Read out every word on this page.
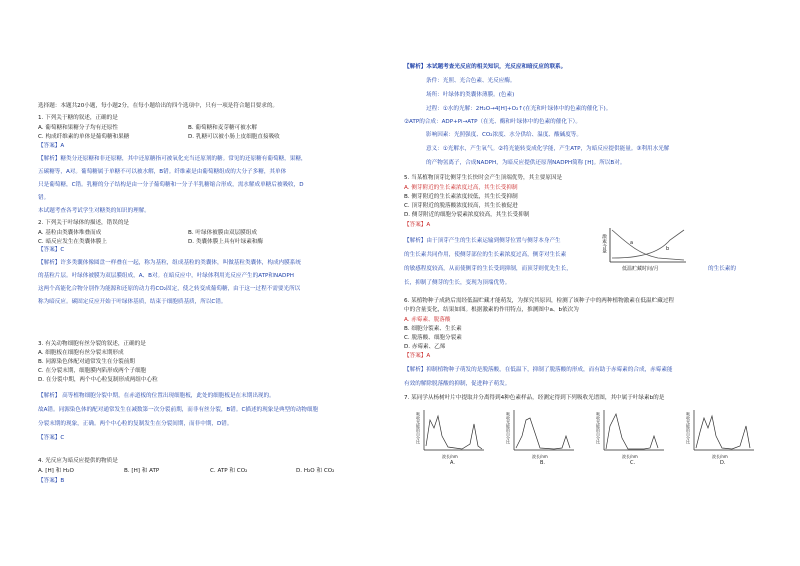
选择题：本题共20小题，每小题2分，在每小题给出的四个选项中，只有一项是符合题目要求的。
1. 下列关于糖的叙述，正确的是
A. 葡萄糖和果糖分子均有还原性	B. 葡萄糖和麦芽糖可被水解
C. 构成纤维素的单体是葡萄糖和果糖	D. 乳糖可以被小肠上皮细胞直接吸收
【答案】A
【解析】糖类分还原糖和非还原糖，其中还原糖指可被氧化充当还原剂的糖。常见的还原糖有葡萄糖，果糖，
五碳糖等，A对。葡萄糖属于单糖不可以被水解，B错。纤维素是由葡萄糖组成的大分子多糖，其单体
只是葡萄糖，C错。乳糖的分子结构是由一分子葡萄糖和一分子半乳糖缩合形成，需水解成单糖后被吸收，D
错。
本试题考查各考试学生对糖类的知识的理解。
2. 下列关于叶绿体的描述，错误的是
A. 基粒由类囊体堆叠而成	B. 叶绿体被膜由双层膜组成
C. 暗反应发生在类囊体膜上	D. 类囊体膜上具有叶绿素和酶
【答案】C
【解析】许多类囊体像圆盘一样叠在一起，称为基粒，组成基粒的类囊体，叫做基粒类囊体，构成内膜系统
的基粒片层。叶绿体被膜为双层膜组成，A、B对。在暗反应中，叶绿体利用光反应产生的ATP和NADPH
这两个高能化合物分别作为能源和还原的动力将CO₂固定，使之转变成葡萄糖，由于这一过程不需要光所以
称为暗反应。碳固定反应开始于叶绿体基质，结束于细胞质基质，所以C错。
3. 有关动物细胞有丝分裂的叙述，正确的是
A. 细胞板在细胞有丝分裂末期形成
B. 同源染色体配对通常发生在分裂前期
C. 在分裂末期，细胞膜内陷形成两个子细胞
D. 在分裂中期，两个中心粒复制形成两组中心粒
【解析】 高等植物细胞分裂中期，在赤道板的位置出现细胞板，此处的细胞板是在末期出现的。
故A错。同源染色体的配对通常发生在减数第一次分裂前期，而非有丝分裂，B错。C描述的现象是典型的动物细胞
分裂末期的现象，正确。两个中心粒的复制发生在分裂间期，而非中期，D错。
【答案】C
4. 光反应为暗反应提供的物质是
A. [H] 和 H₂O	B. [H] 和 ATP	C. ATP 和 CO₂	D. H₂O 和 CO₂
【答案】B
【解析】本试题考查光反应的相关知识，光反应和暗反应的联系。
条件：光照、光合色素、光反应酶。
场所：叶绿体的类囊体薄膜。(色素)
过程：①水的光解：2H₂O→4[H]+O₂↑(在光和叶绿体中的色素的催化下)。
②ATP的合成：ADP+Pi→ATP（在光、酶和叶绿体中的色素的催化下）。
影响因素：光照强度、CO₂浓度、水分供给、温度、酸碱度等。
意义：①光解水，产生氧气。②将光能转变成化学能，产生ATP，为暗反应提供能量。③利用水光解
的产物氢离子，合成NADPH，为暗反应提供还原剂NADPH简称 [H]。所以B对。
5. 当某植物顶芽比侧芽生长快时会产生顶端优势，其主要原因是
A. 侧芽附近的生长素浓度过高，其生长受抑制
B. 侧芽附近的生长素浓度较低，其生长受抑制
C. 顶芽附近的脱落酸浓度较高，其生长被促进
D. 侧芽附近的细胞分裂素浓度较高，其生长受抑制
【答案】A
【解析】由于顶芽产生的生长素运输到侧芽位置与侧芽本身产生
的生长素共同作用，使侧芽部位的生长素浓度过高，侧芽对生长素
的敏感程度较高，从而使侧芽的生长受到抑制，而顶芽则优先生长，
长，抑制了侧芽的生长，变现为顶端优势。
激素含量	a
b
低温贮藏时间/月	的生长素的
6. 某植物种子成熟后需经低温贮藏才能萌发，为探究其原因，检测了该种子中的两种植物激素在低温贮藏过程
中的含量变化，结果如图。根据激素的作用特点，推测图中a、b依次为
A. 赤霉素、脱落酸
B. 细胞分裂素、生长素
C. 脱落酸、细胞分裂素
D. 赤霉素、乙烯
【答案】A
【解析】抑制植物种子萌发的是脱落酸，在低温下，抑制了脱落酸的形成，而有助于赤霉素的合成，赤霉素能
有效的解除脱落酸的抑制，促进种子萌发。
7. 某同学从杨树叶片中提取并分离得到4种色素样品，经测定得到下列吸收光谱图，其中属于叶绿素b的是
吸收光能的百分比
波长/nm
A.
吸收光能的百分比
波长/nm
B.
吸收光能的百分比
波长/nm
C.
吸收光能的百分比
波长/nm
D.
